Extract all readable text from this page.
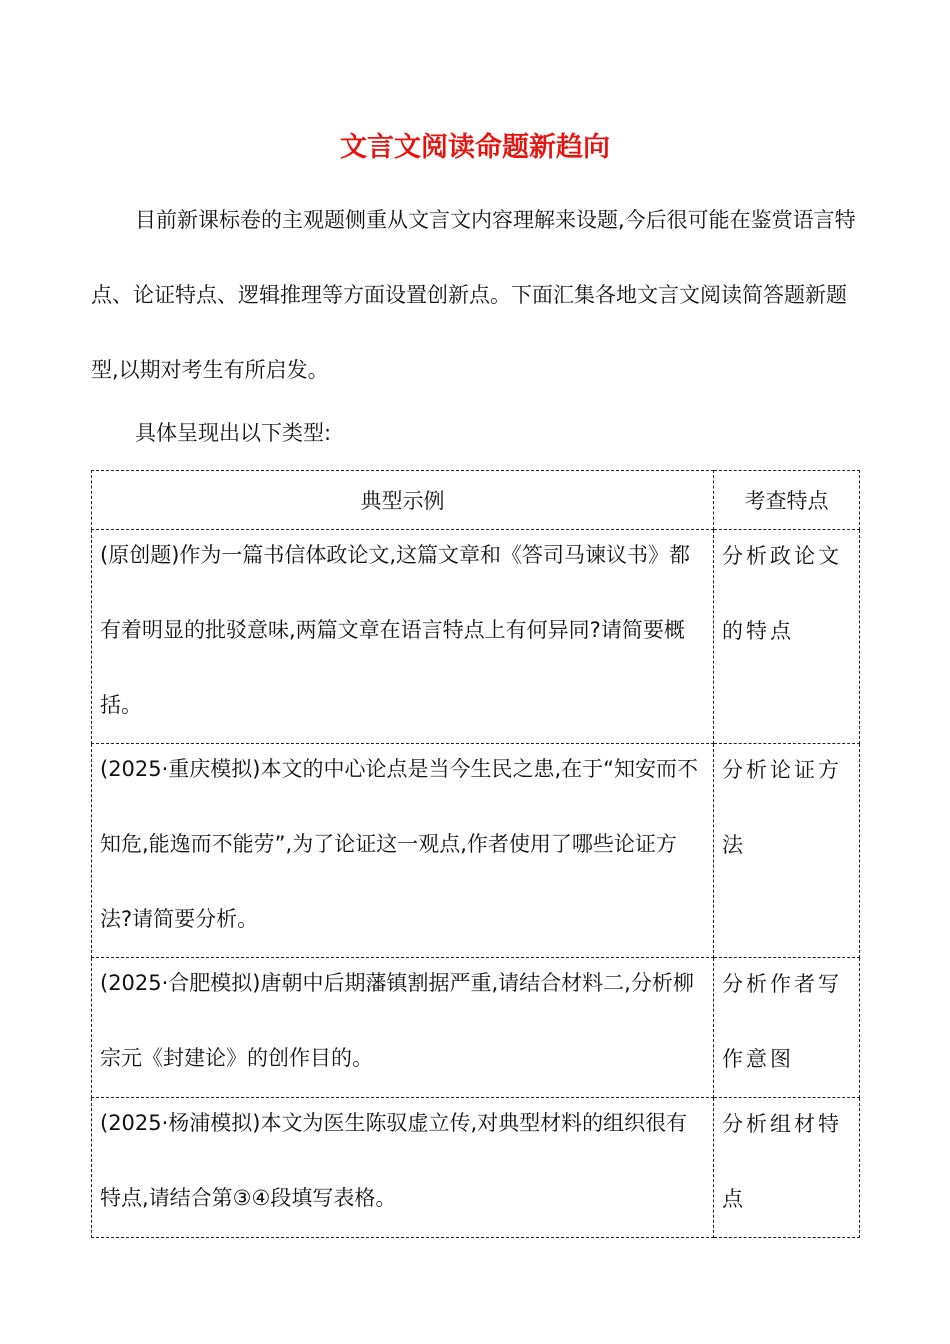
文言文阅读命题新趋向

目前新课标卷的主观题侧重从文言文内容理解来设题,今后很可能在鉴赏语言特点、论证特点、逻辑推理等方面设置创新点。下面汇集各地文言文阅读简答题新题型,以期对考生有所启发。

具体呈现出以下类型:
典型示例	考查特点

(原创题)作为一篇书信体政论文,这篇文章和《答司马谏议书》都有着明显的批驳意味,两篇文章在语言特点上有何异同?请简要概括。	分析政论文的特点

(2025·重庆模拟)本文的中心论点是当今生民之患,在于“知安而不知危,能逸而不能劳”,为了论证这一观点,作者使用了哪些论证方法?请简要分析。	分析论证方法

(2025·合肥模拟)唐朝中后期藩镇割据严重,请结合材料二,分析柳宗元《封建论》的创作目的。	分析作者写作意图

(2025·杨浦模拟)本文为医生陈驭虚立传,对典型材料的组织很有特点,请结合第③④段填写表格。	分析组材特点
